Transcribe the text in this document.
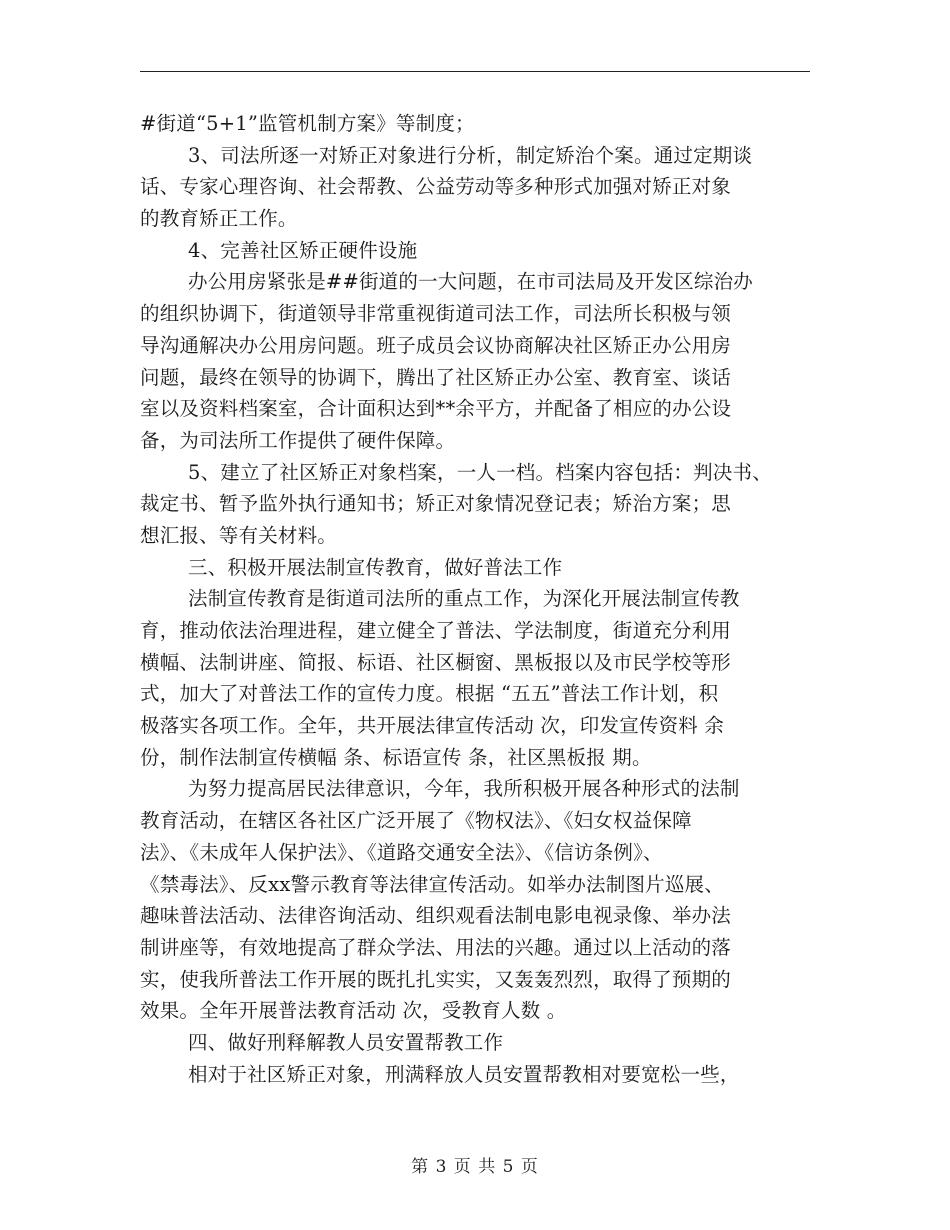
#街道“5+1”监管机制方案》等制度；
3、司法所逐一对矫正对象进行分析，制定矫治个案。通过定期谈
话、专家心理咨询、社会帮教、公益劳动等多种形式加强对矫正对象
的教育矫正工作。
4、完善社区矫正硬件设施
办公用房紧张是##街道的一大问题，在市司法局及开发区综治办
的组织协调下，街道领导非常重视街道司法工作，司法所长积极与领
导沟通解决办公用房问题。班子成员会议协商解决社区矫正办公用房
问题，最终在领导的协调下，腾出了社区矫正办公室、教育室、谈话
室以及资料档案室，合计面积达到**余平方，并配备了相应的办公设
备，为司法所工作提供了硬件保障。
5、建立了社区矫正对象档案，一人一档。档案内容包括：判决书、
裁定书、暂予监外执行通知书；矫正对象情况登记表；矫治方案；思
想汇报、等有关材料。
三、积极开展法制宣传教育，做好普法工作
法制宣传教育是街道司法所的重点工作，为深化开展法制宣传教
育，推动依法治理进程，建立健全了普法、学法制度，街道充分利用
横幅、法制讲座、简报、标语、社区橱窗、黑板报以及市民学校等形
式，加大了对普法工作的宣传力度。根据 “五五”普法工作计划，积
极落实各项工作。全年，共开展法律宣传活动 次，印发宣传资料 余
份，制作法制宣传横幅 条、标语宣传 条，社区黑板报 期。
为努力提高居民法律意识，今年，我所积极开展各种形式的法制
教育活动，在辖区各社区广泛开展了《物权法》、《妇女权益保障
法》、《未成年人保护法》、《道路交通安全法》、《信访条例》、
《禁毒法》、反xx警示教育等法律宣传活动。如举办法制图片巡展、
趣味普法活动、法律咨询活动、组织观看法制电影电视录像、举办法
制讲座等，有效地提高了群众学法、用法的兴趣。通过以上活动的落
实，使我所普法工作开展的既扎扎实实，又轰轰烈烈，取得了预期的
效果。全年开展普法教育活动 次，受教育人数 。
四、做好刑释解教人员安置帮教工作
相对于社区矫正对象，刑满释放人员安置帮教相对要宽松一些，
第 3 页 共 5 页
